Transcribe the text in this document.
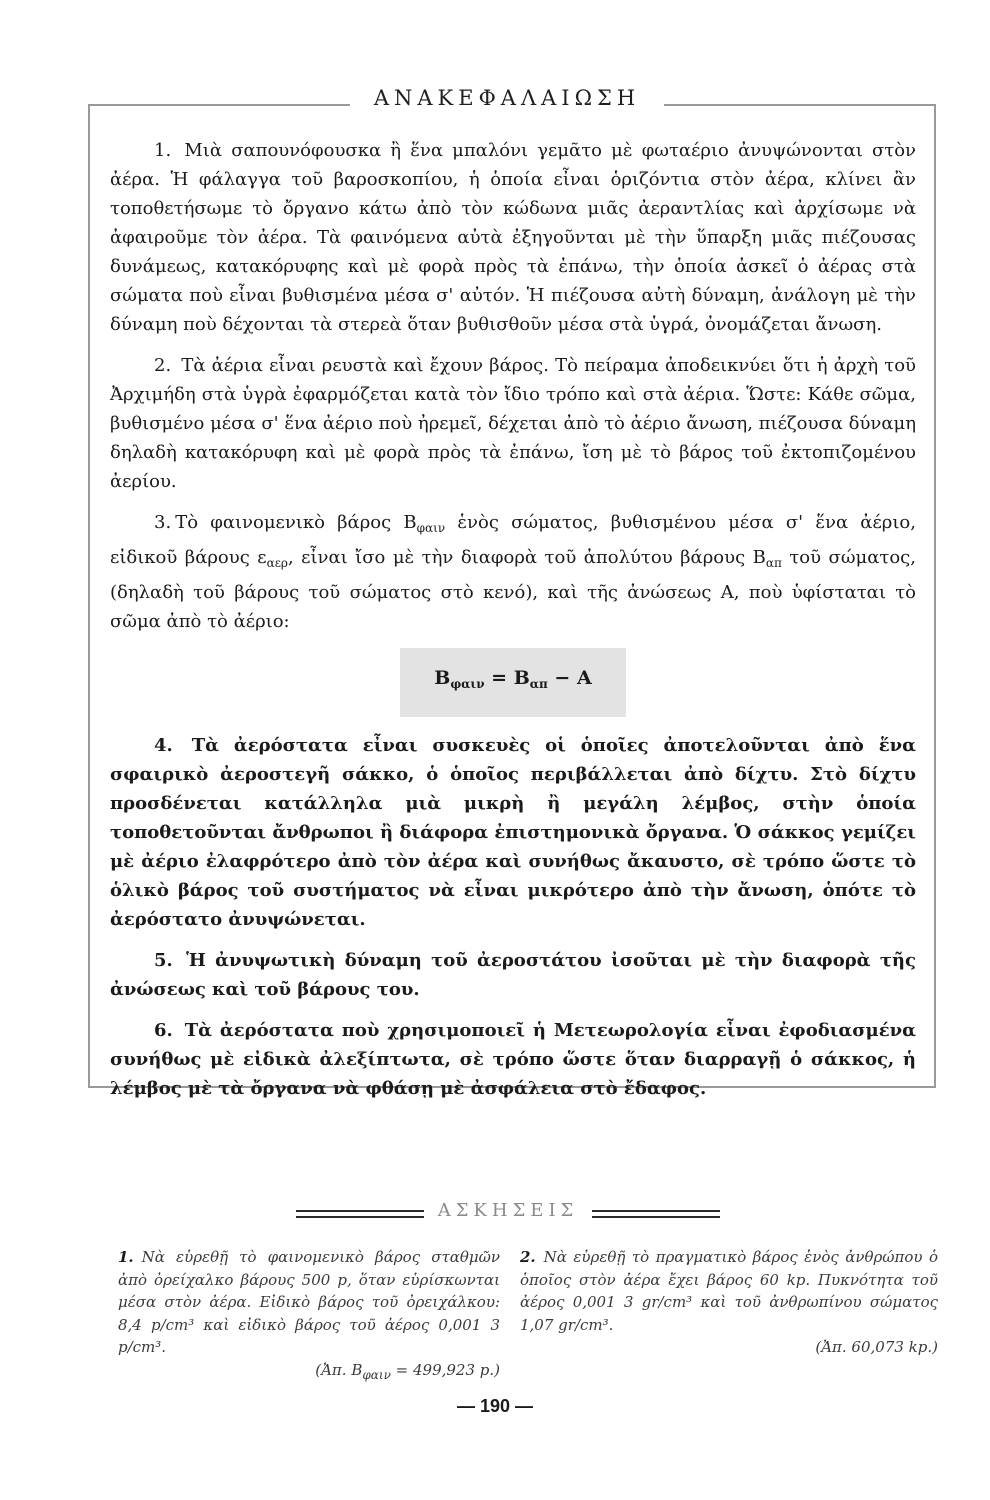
ΑΝΑΚΕΦΑΛΑΙΩΣΗ

1. Μιὰ σαπουνόφουσκα ἢ ἕνα μπαλόνι γεμᾶτο μὲ φωταέριο ἀνυψώνονται στὸν ἀέρα. Ἡ φάλαγγα τοῦ βαροσκοπίου, ἡ ὁποία εἶναι ὁριζόντια στὸν ἀέρα, κλίνει ἂν τοποθετήσωμε τὸ ὄργανο κάτω ἀπὸ τὸν κώδωνα μιᾶς ἀεραντλίας καὶ ἀρχίσωμε νὰ ἀφαιροῦμε τὸν ἀέρα. Τὰ φαινόμενα αὐτὰ ἐξηγοῦνται μὲ τὴν ὕπαρξη μιᾶς πιέζουσας δυνάμεως, κατακόρυφης καὶ μὲ φορὰ πρὸς τὰ ἐπάνω, τὴν ὁποία ἀσκεῖ ὁ ἀέρας στὰ σώματα ποὺ εἶναι βυθισμένα μέσα σ' αὐτόν. Ἡ πιέζουσα αὐτὴ δύναμη, ἀνάλογη μὲ τὴν δύναμη ποὺ δέχονται τὰ στερεὰ ὅταν βυθισθοῦν μέσα στὰ ὑγρά, ὀνομάζεται ἄνωση.

2. Τὰ ἀέρια εἶναι ρευστὰ καὶ ἔχουν βάρος. Τὸ πείραμα ἀποδεικνύει ὅτι ἡ ἀρχὴ τοῦ Ἀρχιμήδη στὰ ὑγρὰ ἐφαρμόζεται κατὰ τὸν ἴδιο τρόπο καὶ στὰ ἀέρια. Ὥστε: Κάθε σῶμα, βυθισμένο μέσα σ' ἕνα ἀέριο ποὺ ἠρεμεῖ, δέχεται ἀπὸ τὸ ἀέριο ἄνωση, πιέζουσα δύναμη δηλαδὴ κατακόρυφη καὶ μὲ φορὰ πρὸς τὰ ἐπάνω, ἴση μὲ τὸ βάρος τοῦ ἐκτοπιζομένου ἀερίου.

3. Τὸ φαινομενικὸ βάρος $B_{\varphi\alpha\iota\nu}$ ἑνὸς σώματος, βυθισμένου μέσα σ' ἕνα ἀέριο, εἰδικοῦ βάρους $\varepsilon_{\alpha\varepsilon\rho}$, εἶναι ἴσο μὲ τὴν διαφορὰ τοῦ ἀπολύτου βάρους $B_{\alpha\pi}$ τοῦ σώματος, (δηλαδὴ τοῦ βάρους τοῦ σώματος στὸ κενό), καὶ τῆς ἀνώσεως A, ποὺ ὑφίσταται τὸ σῶμα ἀπὸ τὸ ἀέριο:

$B_{\varphi\alpha\iota\nu} = B_{\alpha\pi} - A$

4. Τὰ ἀερόστατα εἶναι συσκευὲς οἱ ὁποῖες ἀποτελοῦνται ἀπὸ ἕνα σφαιρικὸ ἀεροστεγῆ σάκκο, ὁ ὁποῖος περιβάλλεται ἀπὸ δίχτυ. Στὸ δίχτυ προσδένεται κατάλληλα μιὰ μικρὴ ἢ μεγάλη λέμβος, στὴν ὁποία τοποθετοῦνται ἄνθρωποι ἢ διάφορα ἐπιστημονικὰ ὄργανα. Ὁ σάκκος γεμίζει μὲ ἀέριο ἐλαφρότερο ἀπὸ τὸν ἀέρα καὶ συνήθως ἄκαυστο, σὲ τρόπο ὥστε τὸ ὁλικὸ βάρος τοῦ συστήματος νὰ εἶναι μικρότερο ἀπὸ τὴν ἄνωση, ὁπότε τὸ ἀερόστατο ἀνυψώνεται.

5. Ἡ ἀνυψωτικὴ δύναμη τοῦ ἀεροστάτου ἰσοῦται μὲ τὴν διαφορὰ τῆς ἀνώσεως καὶ τοῦ βάρους του.

6. Τὰ ἀερόστατα ποὺ χρησιμοποιεῖ ἡ Μετεωρολογία εἶναι ἐφοδιασμένα συνήθως μὲ εἰδικὰ ἀλεξίπτωτα, σὲ τρόπο ὥστε ὅταν διαρραγῇ ὁ σάκκος, ἡ λέμβος μὲ τὰ ὄργανα νὰ φθάσῃ μὲ ἀσφάλεια στὸ ἔδαφος.

ΑΣΚΗΣΕΙΣ
1. Νὰ εὑρεθῇ τὸ φαινομενικὸ βάρος σταθμῶν ἀπὸ ὀρείχαλκο βάρους 500 p, ὅταν εὑρίσκωνται μέσα στὸν ἀέρα. Εἰδικὸ βάρος τοῦ ὀρειχάλκου: 8,4 p/cm³ καὶ εἰδικὸ βάρος τοῦ ἀέρος 0,001 3 p/cm³.
(Ἀπ. $B_{\varphi\alpha\iota\nu} = 499,923$ p.)
2. Νὰ εὑρεθῇ τὸ πραγματικὸ βάρος ἑνὸς ἀνθρώπου ὁ ὁποῖος στὸν ἀέρα ἔχει βάρος 60 kp. Πυκνότητα τοῦ ἀέρος 0,001 3 gr/cm³ καὶ τοῦ ἀνθρωπίνου σώματος 1,07 gr/cm³.
(Ἀπ. 60,073 kp.)
— 190 —
